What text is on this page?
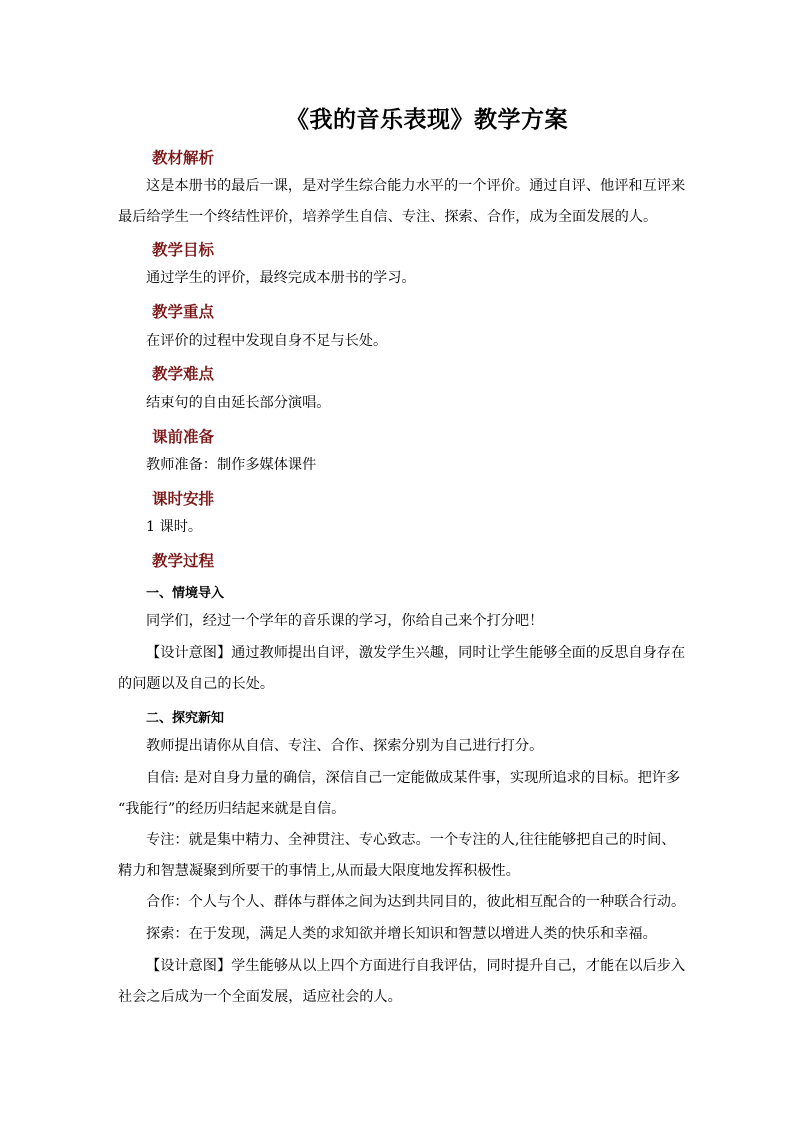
《我的音乐表现》教学方案
教材解析
这是本册书的最后一课，是对学生综合能力水平的一个评价。通过自评、他评和互评来
最后给学生一个终结性评价，培养学生自信、专注、探索、合作，成为全面发展的人。
教学目标
通过学生的评价，最终完成本册书的学习。
教学重点
在评价的过程中发现自身不足与长处。
教学难点
结束句的自由延长部分演唱。
课前准备
教师准备：制作多媒体课件
课时安排
1 课时。
教学过程
一、情境导入
同学们，经过一个学年的音乐课的学习，你给自己来个打分吧！
【设计意图】通过教师提出自评，激发学生兴趣，同时让学生能够全面的反思自身存在
的问题以及自己的长处。
二、探究新知
教师提出请你从自信、专注、合作、探索分别为自己进行打分。
自信: 是对自身力量的确信，深信自己一定能做成某件事，实现所追求的目标。把许多
“我能行”的经历归结起来就是自信。
专注：就是集中精力、全神贯注、专心致志。一个专注的人,往往能够把自己的时间、
精力和智慧凝聚到所要干的事情上,从而最大限度地发挥积极性。
合作：个人与个人、群体与群体之间为达到共同目的，彼此相互配合的一种联合行动。
探索：在于发现，满足人类的求知欲并增长知识和智慧以增进人类的快乐和幸福。
【设计意图】学生能够从以上四个方面进行自我评估，同时提升自己，才能在以后步入
社会之后成为一个全面发展，适应社会的人。
